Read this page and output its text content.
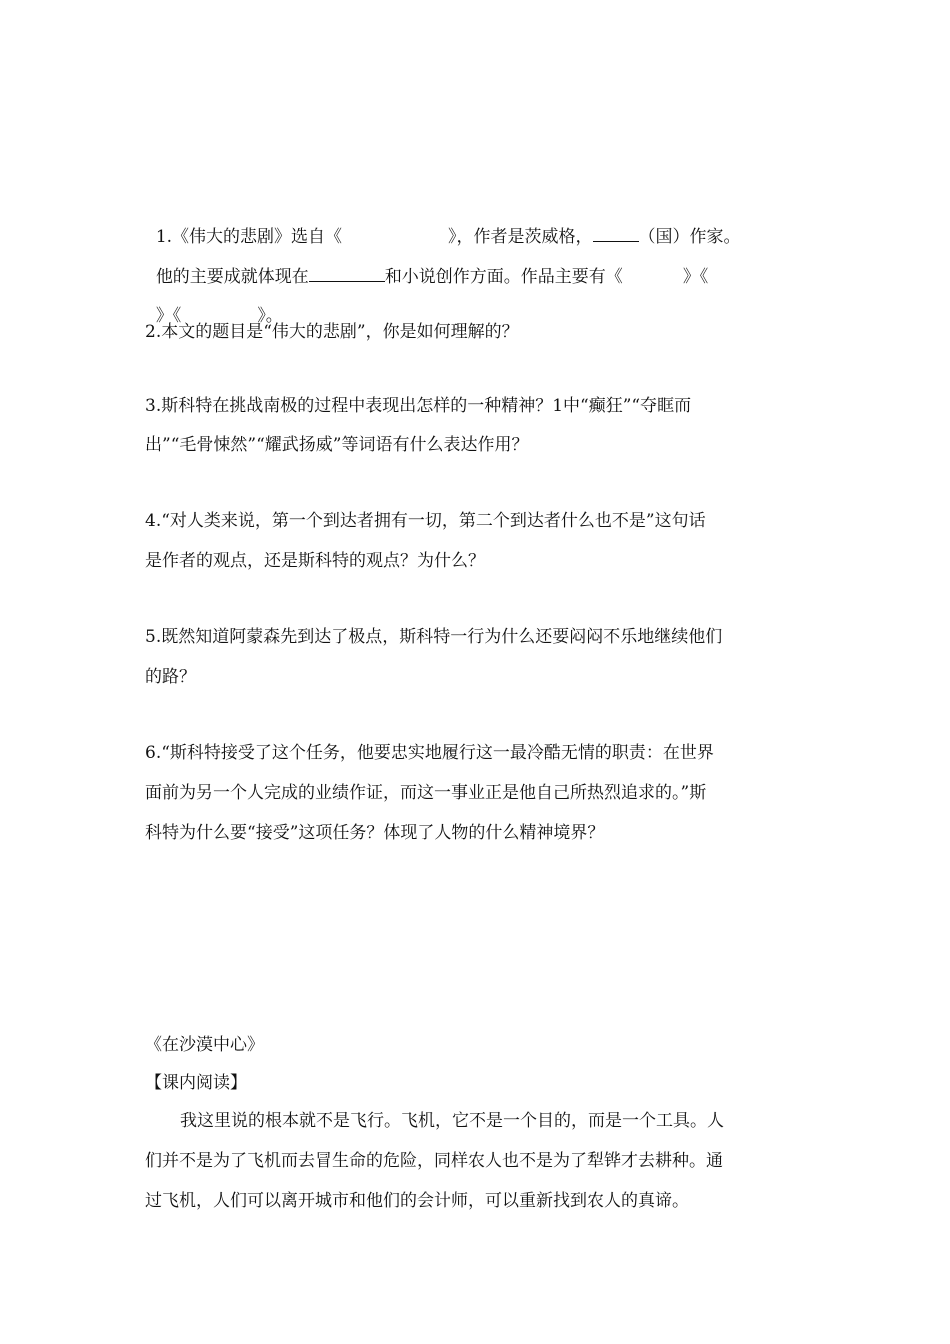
1.《伟大的悲剧》选自《	》，作者是茨威格，	（国）作家。

他的主要成就体现在	和小说创作方面。作品主要有《	》《

》《	》。

2.本文的题目是“伟大的悲剧”，你是如何理解的？
3.斯科特在挑战南极的过程中表现出怎样的一种精神？1中“癫狂”“夺眶而
出”“毛骨悚然”“耀武扬威”等词语有什么表达作用？
4.“对人类来说，第一个到达者拥有一切，第二个到达者什么也不是”这句话
是作者的观点，还是斯科特的观点？为什么？
5.既然知道阿蒙森先到达了极点，斯科特一行为什么还要闷闷不乐地继续他们
的路？
6.“斯科特接受了这个任务，他要忠实地履行这一最冷酷无情的职责：在世界
面前为另一个人完成的业绩作证，而这一事业正是他自己所热烈追求的。”斯
科特为什么要“接受”这项任务？体现了人物的什么精神境界？
《在沙漠中心》
【课内阅读】
我这里说的根本就不是飞行。飞机，它不是一个目的，而是一个工具。人
们并不是为了飞机而去冒生命的危险，同样农人也不是为了犁铧才去耕种。通
过飞机，人们可以离开城市和他们的会计师，可以重新找到农人的真谛。
